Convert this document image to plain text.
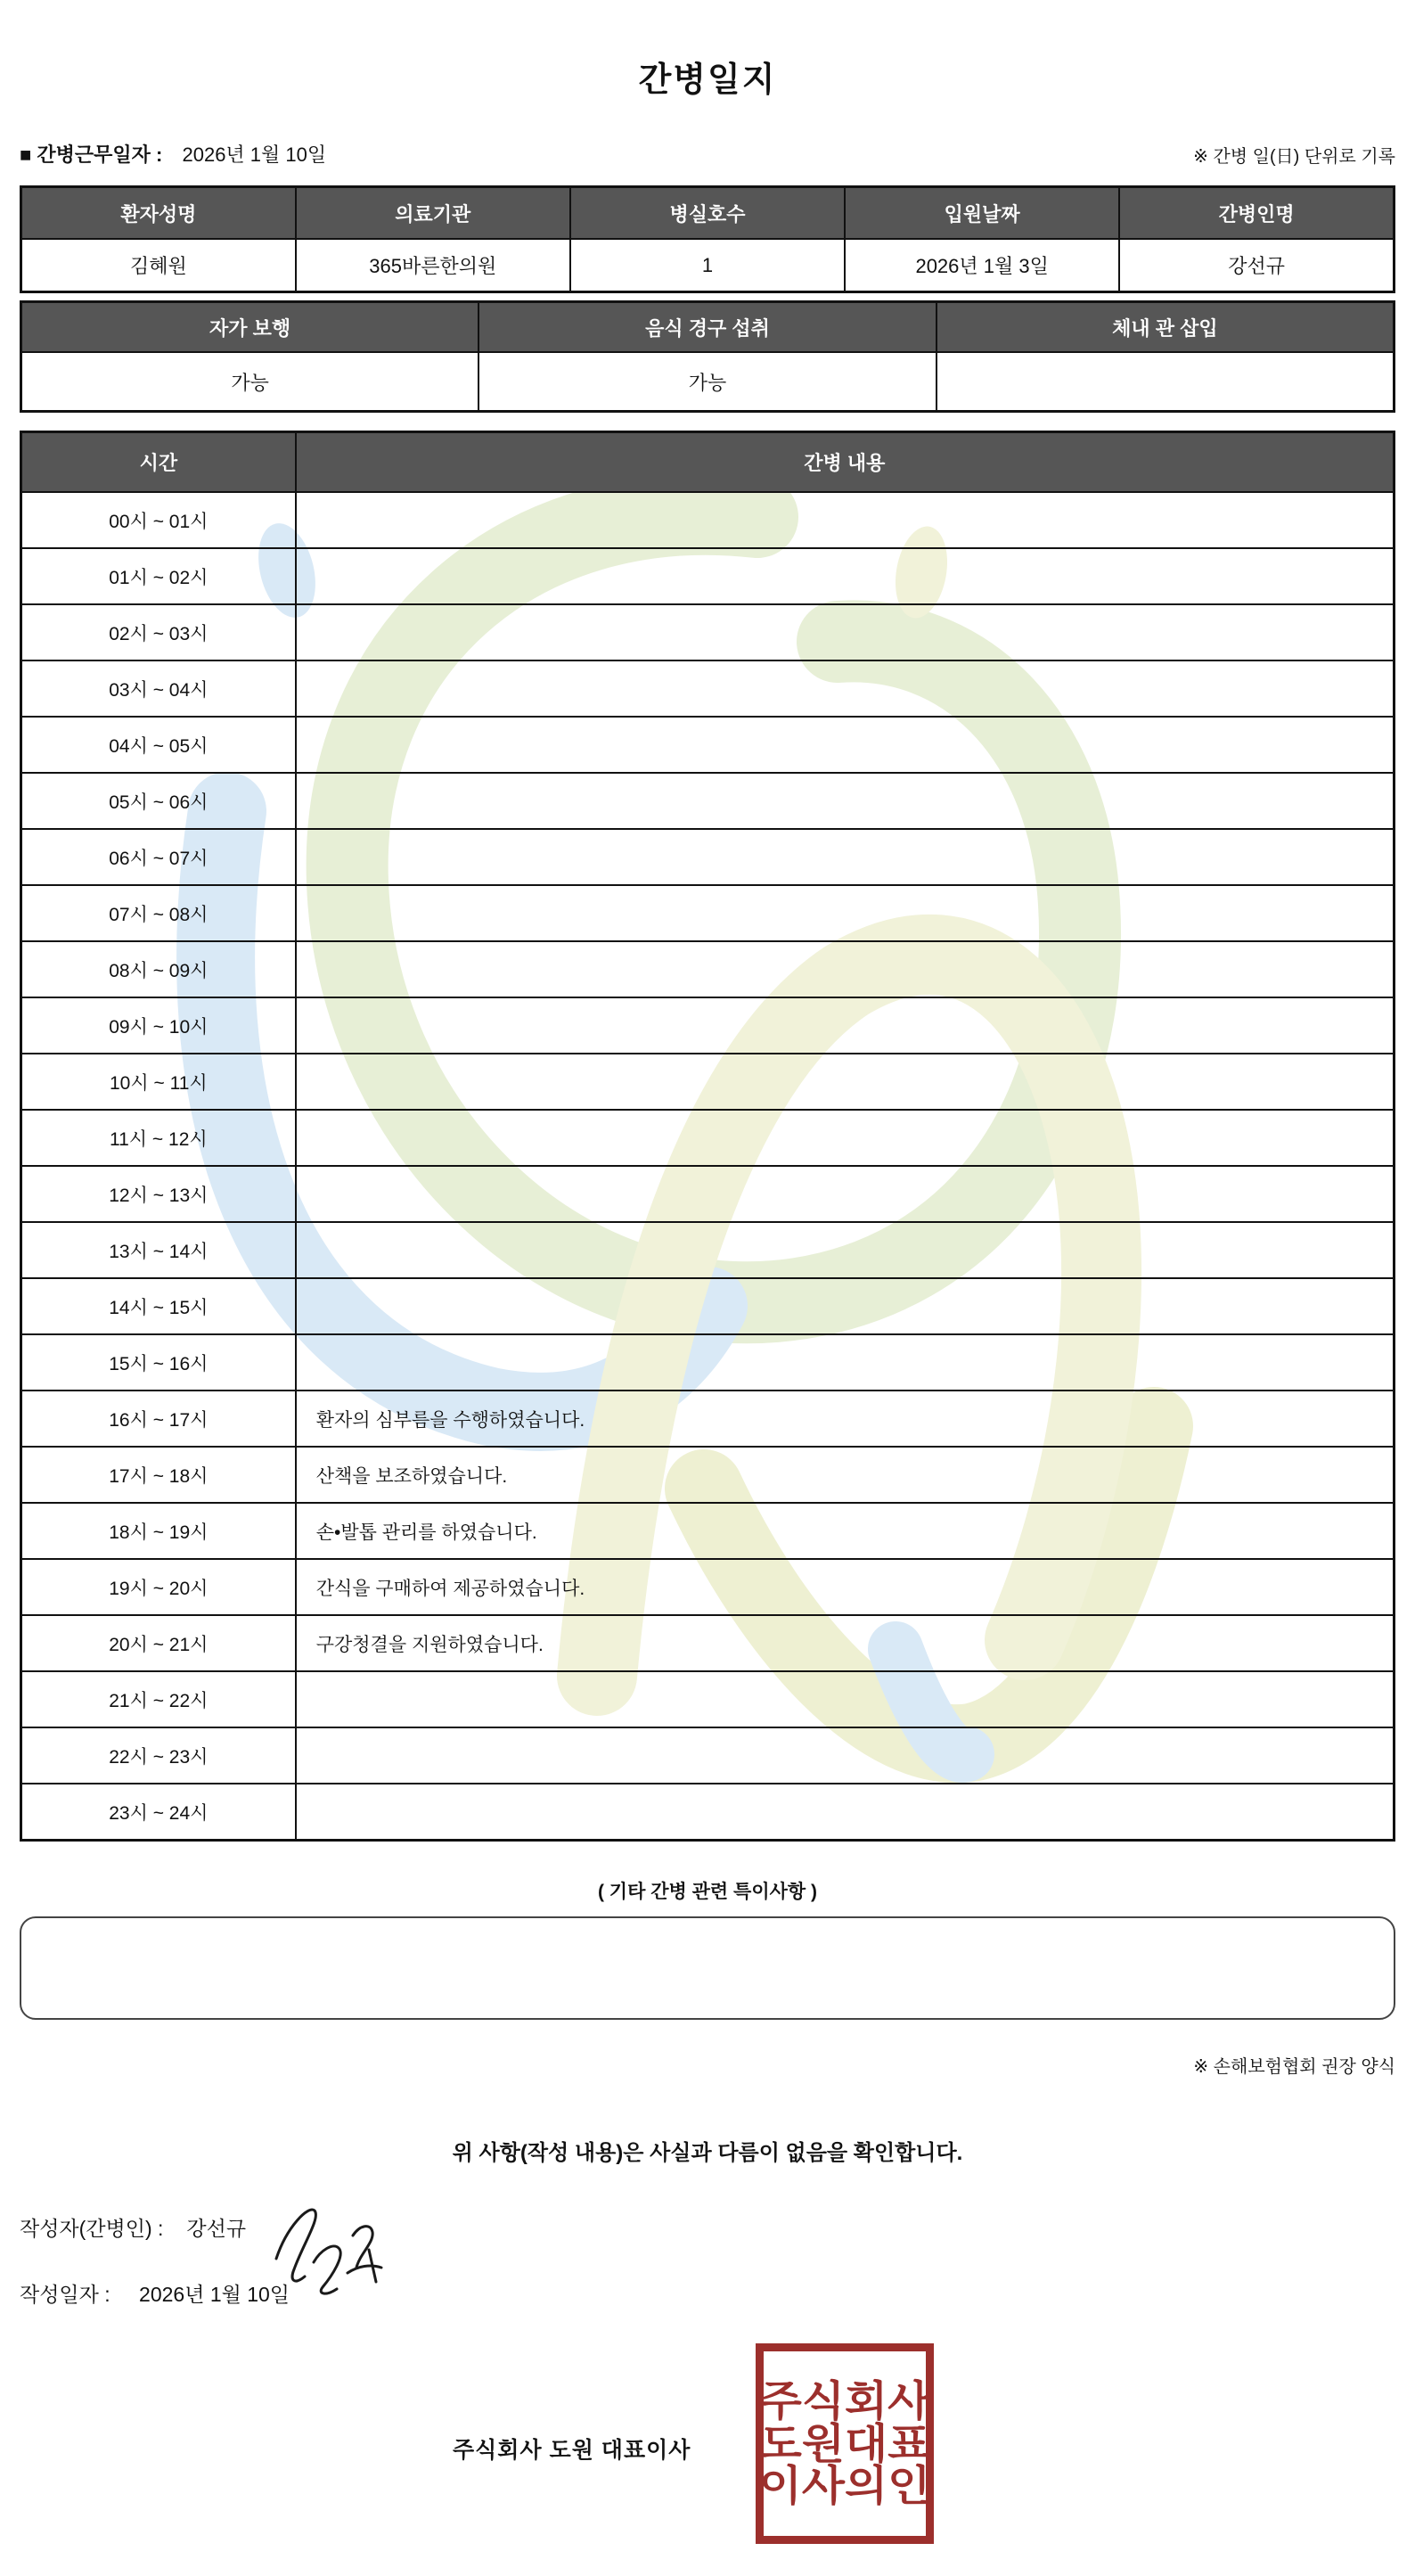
간병일지
■ 간병근무일자 : 2026년 1월 10일	※ 간병 일(日) 단위로 기록
환자성명	의료기관	병실호수	입원날짜	간병인명
김혜원	365바른한의원	1	2026년 1월 3일	강선규
자가 보행	음식 경구 섭취	체내 관 삽입
가능	가능	
시간	간병 내용
00시 ~ 01시	
01시 ~ 02시	
02시 ~ 03시	
03시 ~ 04시	
04시 ~ 05시	
05시 ~ 06시	
06시 ~ 07시	
07시 ~ 08시	
08시 ~ 09시	
09시 ~ 10시	
10시 ~ 11시	
11시 ~ 12시	
12시 ~ 13시	
13시 ~ 14시	
14시 ~ 15시	
15시 ~ 16시	
16시 ~ 17시	환자의 심부름을 수행하였습니다.
17시 ~ 18시	산책을 보조하였습니다.
18시 ~ 19시	손•발톱 관리를 하였습니다.
19시 ~ 20시	간식을 구매하여 제공하였습니다.
20시 ~ 21시	구강청결을 지원하였습니다.
21시 ~ 22시	
22시 ~ 23시	
23시 ~ 24시	
( 기타 간병 관련 특이사항 )
※ 손해보험협회 권장 양식
위 사항(작성 내용)은 사실과 다름이 없음을 확인합니다.
작성자(간병인) : 강선규
작성일자 : 2026년 1월 10일
주식회사 도원 대표이사
주식회사
도원대표
이사의인
